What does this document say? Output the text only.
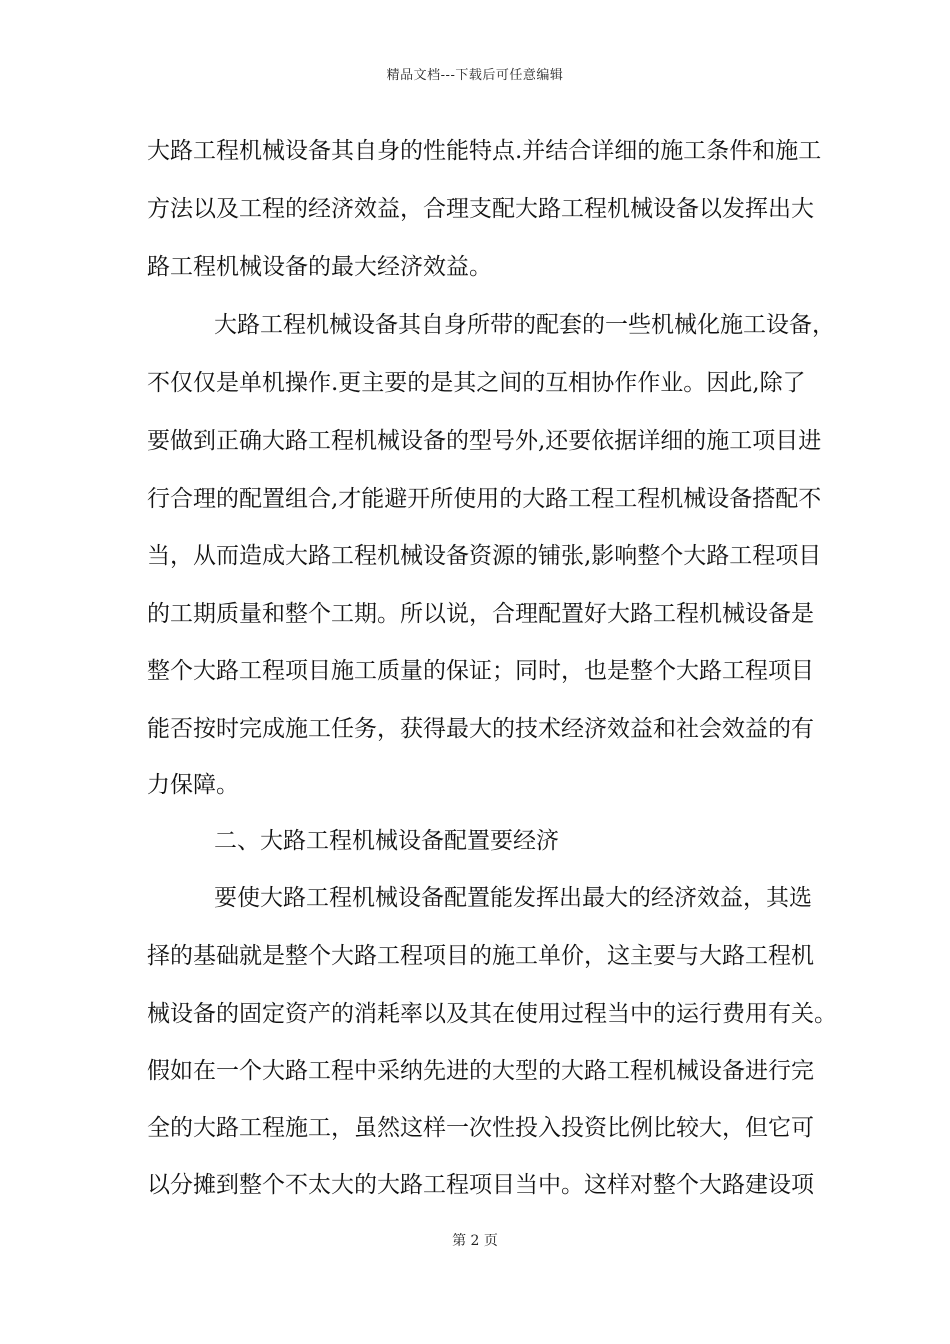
精品文档---下载后可任意编辑
大路工程机械设备其自身的性能特点.并结合详细的施工条件和施工
方法以及工程的经济效益，合理支配大路工程机械设备以发挥出大
路工程机械设备的最大经济效益。
大路工程机械设备其自身所带的配套的一些机械化施工设备，
不仅仅是单机操作.更主要的是其之间的互相协作作业。因此,除了
要做到正确大路工程机械设备的型号外,还要依据详细的施工项目进
行合理的配置组合,才能避开所使用的大路工程工程机械设备搭配不
当，从而造成大路工程机械设备资源的铺张,影响整个大路工程项目
的工期质量和整个工期。所以说，合理配置好大路工程机械设备是
整个大路工程项目施工质量的保证；同时，也是整个大路工程项目
能否按时完成施工任务，获得最大的技术经济效益和社会效益的有
力保障。
二、大路工程机械设备配置要经济
要使大路工程机械设备配置能发挥出最大的经济效益，其选
择的基础就是整个大路工程项目的施工单价，这主要与大路工程机
械设备的固定资产的消耗率以及其在使用过程当中的运行费用有关。
假如在一个大路工程中采纳先进的大型的大路工程机械设备进行完
全的大路工程施工，虽然这样一次性投入投资比例比较大，但它可
以分摊到整个不太大的大路工程项目当中。这样对整个大路建设项
第 2 页
